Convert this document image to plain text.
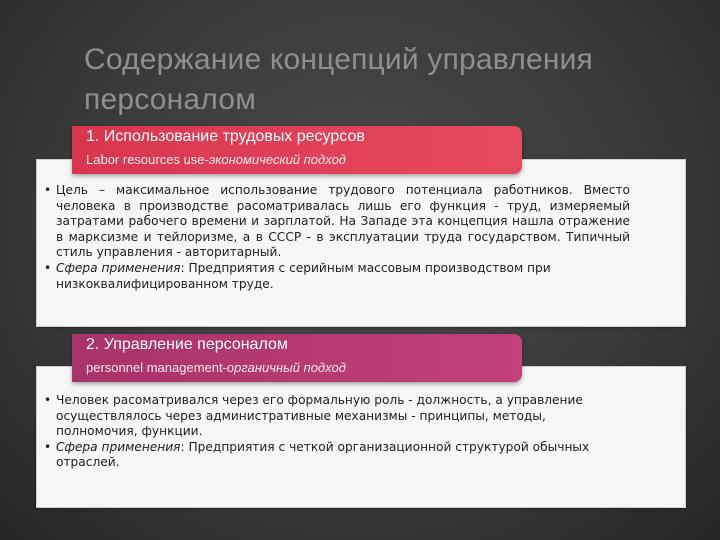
Содержание концепций управления персоналом
1. Использование трудовых ресурсов
Labor resources use-экономический подход
• Цель – максимальное использование трудового потенциала работников. Вместо человека в производстве расоматривалась лишь его функция - труд, измеряемый затратами рабочего времени и зарплатой. На Западе эта концепция нашла отражение в марксизме и тейлоризме, а в СССР - в эксплуатации труда государством. Типичный стиль управления - авторитарный.
• Сфера применения: Предприятия с серийным массовым производством при низкоквалифицированном труде.
2. Управление персоналом
personnel management-органичный подход
• Человек расоматривался через его формальную роль - должность, а управление осуществлялось через административные механизмы - принципы, методы, полномочия, функции.
• Сфера применения: Предприятия с четкой организационной структурой обычных отраслей.
